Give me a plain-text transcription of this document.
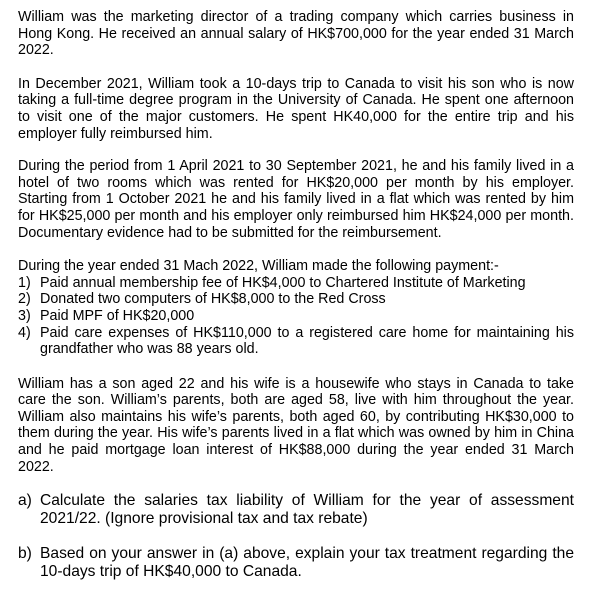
William was the marketing director of a trading company which carries business in Hong Kong. He received an annual salary of HK$700,000 for the year ended 31 March 2022.

In December 2021, William took a 10-days trip to Canada to visit his son who is now taking a full-time degree program in the University of Canada. He spent one afternoon to visit one of the major customers. He spent HK40,000 for the entire trip and his employer fully reimbursed him.

During the period from 1 April 2021 to 30 September 2021, he and his family lived in a hotel of two rooms which was rented for HK$20,000 per month by his employer. Starting from 1 October 2021 he and his family lived in a flat which was rented by him for HK$25,000 per month and his employer only reimbursed him HK$24,000 per month. Documentary evidence had to be submitted for the reimbursement.

During the year ended 31 Mach 2022, William made the following payment:-

1) Paid annual membership fee of HK$4,000 to Chartered Institute of Marketing
2) Donated two computers of HK$8,000 to the Red Cross
3) Paid MPF of HK$20,000
4) Paid care expenses of HK$110,000 to a registered care home for maintaining his grandfather who was 88 years old.

William has a son aged 22 and his wife is a housewife who stays in Canada to take care the son. William’s parents, both are aged 58, live with him throughout the year. William also maintains his wife’s parents, both aged 60, by contributing HK$30,000 to them during the year. His wife’s parents lived in a flat which was owned by him in China and he paid mortgage loan interest of HK$88,000 during the year ended 31 March 2022.

a) Calculate the salaries tax liability of William for the year of assessment 2021/22. (Ignore provisional tax and tax rebate)
b) Based on your answer in (a) above, explain your tax treatment regarding the 10-days trip of HK$40,000 to Canada.
